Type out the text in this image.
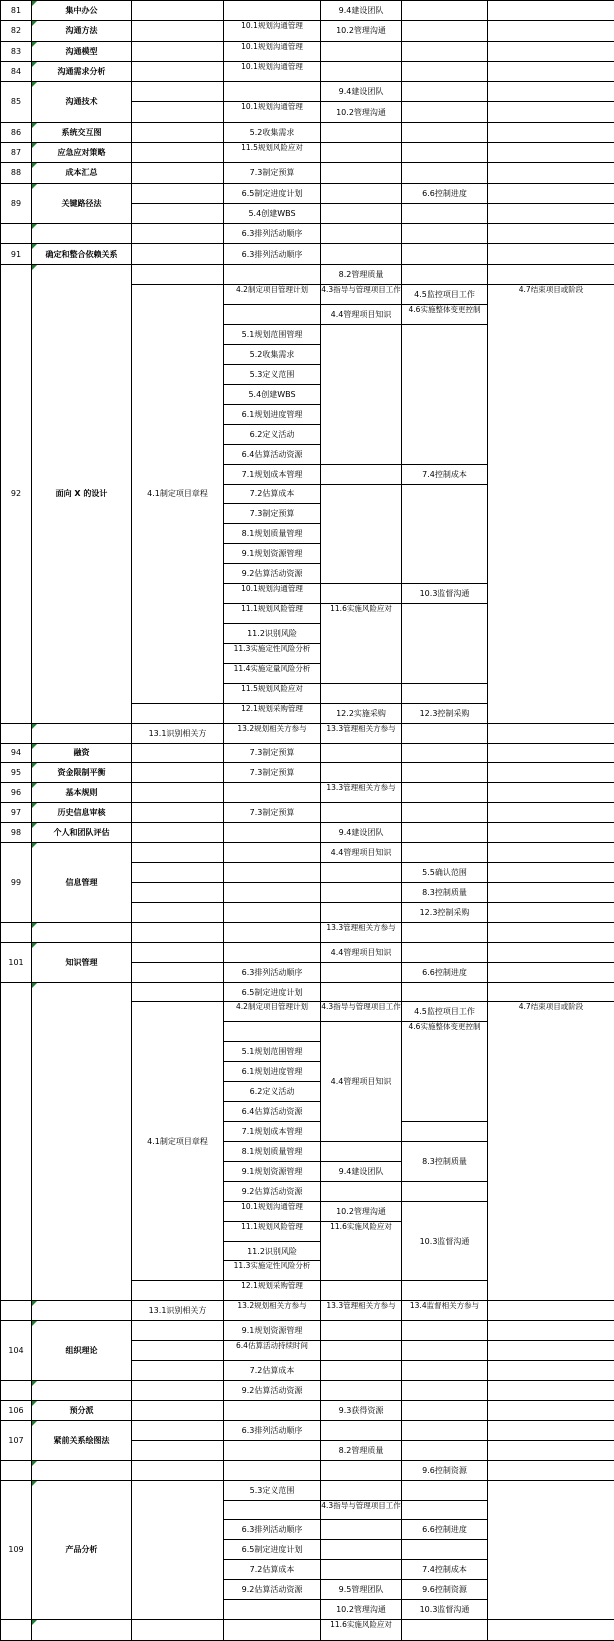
81	集中办公			9.4建设团队		
82	沟通方法		10.1规划沟通管理	10.2管理沟通		
83	沟通模型		10.1规划沟通管理			
84	沟通需求分析		10.1规划沟通管理			
85	沟通技术			9.4建设团队		
			10.1规划沟通管理	10.2管理沟通		
86	系统交互图		5.2收集需求			
87	应急应对策略		11.5规划风险应对			
88	成本汇总		7.3制定预算			
89	关键路径法		6.5制定进度计划		6.6控制进度	
			5.4创建WBS			
			6.3排列活动顺序			
91	确定和整合依赖关系		6.3排列活动顺序			
92	面向 X 的设计			8.2管理质量		
		4.1制定项目章程	4.2制定项目管理计划	4.3指导与管理项目工作	4.5监控项目工作	4.7结束项目或阶段
				4.4管理项目知识	4.6实施整体变更控制	
			5.1规划范围管理			
			5.2收集需求			
			5.3定义范围			
			5.4创建WBS			
			6.1规划进度管理			
			6.2定义活动			
			6.4估算活动资源			
			7.1规划成本管理		7.4控制成本	
			7.2估算成本			
			7.3制定预算			
			8.1规划质量管理			
			9.1规划资源管理			
			9.2估算活动资源			
			10.1规划沟通管理		10.3监督沟通	
			11.1规划风险管理	11.6实施风险应对		
			11.2识别风险			
			11.3实施定性风险分析			
			11.4实施定量风险分析			
			11.5规划风险应对			
			12.1规划采购管理	12.2实施采购	12.3控制采购	
		13.1识别相关方	13.2规划相关方参与	13.3管理相关方参与		
94	融资		7.3制定预算			
95	资金限制平衡		7.3制定预算			
96	基本规则			13.3管理相关方参与		
97	历史信息审核		7.3制定预算			
98	个人和团队评估			9.4建设团队		
99	信息管理			4.4管理项目知识		
					5.5确认范围	
					8.3控制质量	
					12.3控制采购	
				13.3管理相关方参与		
101	知识管理			4.4管理项目知识		
			6.3排列活动顺序		6.6控制进度	
			6.5制定进度计划			
		4.1制定项目章程	4.2制定项目管理计划	4.3指导与管理项目工作	4.5监控项目工作	4.7结束项目或阶段
				4.4管理项目知识	4.6实施整体变更控制	
			5.1规划范围管理			
			6.1规划进度管理			
			6.2定义活动			
			6.4估算活动资源			
			7.1规划成本管理			
			8.1规划质量管理		8.3控制质量	
			9.1规划资源管理	9.4建设团队		
			9.2估算活动资源			
			10.1规划沟通管理	10.2管理沟通	10.3监督沟通	
			11.1规划风险管理	11.6实施风险应对		
			11.2识别风险			
			11.3实施定性风险分析			
			12.1规划采购管理			
		13.1识别相关方	13.2规划相关方参与	13.3管理相关方参与	13.4监督相关方参与	
104	组织理论		9.1规划资源管理			
			6.4估算活动持续时间			
			7.2估算成本			
			9.2估算活动资源			
106	预分派			9.3获得资源		
107	紧前关系绘图法		6.3排列活动顺序			
				8.2管理质量		
					9.6控制资源	
109	产品分析		5.3定义范围			
				4.3指导与管理项目工作		
			6.3排列活动顺序		6.6控制进度	
			6.5制定进度计划			
			7.2估算成本		7.4控制成本	
			9.2估算活动资源	9.5管理团队	9.6控制资源	
				10.2管理沟通	10.3监督沟通	
				11.6实施风险应对		
